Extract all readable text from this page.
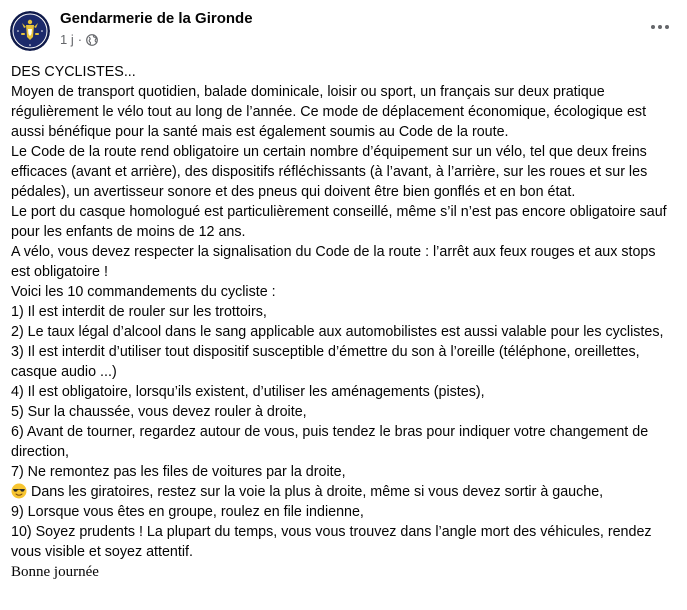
Gendarmerie de la Gironde
1 j ·

DES CYCLISTES...

Moyen de transport quotidien, balade dominicale, loisir ou sport, un français sur deux pratique régulièrement le vélo tout au long de l’année. Ce mode de déplacement économique, écologique est aussi bénéfique pour la santé mais est également soumis au Code de la route.

Le Code de la route rend obligatoire un certain nombre d’équipement sur un vélo, tel que deux freins efficaces (avant et arrière), des dispositifs réfléchissants (à l’avant, à l’arrière, sur les roues et sur les pédales), un avertisseur sonore et des pneus qui doivent être bien gonflés et en bon état.

Le port du casque homologué est particulièrement conseillé, même s’il n’est pas encore obligatoire sauf pour les enfants de moins de 12 ans.

A vélo, vous devez respecter la signalisation du Code de la route : l’arrêt aux feux rouges et aux stops est obligatoire !

Voici les 10 commandements du cycliste :

1) Il est interdit de rouler sur les trottoirs,

2) Le taux légal d’alcool dans le sang applicable aux automobilistes est aussi valable pour les cyclistes,

3) Il est interdit d’utiliser tout dispositif susceptible d’émettre du son à l’oreille (téléphone, oreillettes, casque audio ...)

4) Il est obligatoire, lorsqu’ils existent, d’utiliser les aménagements (pistes),

5) Sur la chaussée, vous devez rouler à droite,

6) Avant de tourner, regardez autour de vous, puis tendez le bras pour indiquer votre changement de direction,

7) Ne remontez pas les files de voitures par la droite,

Dans les giratoires, restez sur la voie la plus à droite, même si vous devez sortir à gauche,

9) Lorsque vous êtes en groupe, roulez en file indienne,

10) Soyez prudents ! La plupart du temps, vous vous trouvez dans l’angle mort des véhicules, rendez vous visible et soyez attentif.

Bonne journée
